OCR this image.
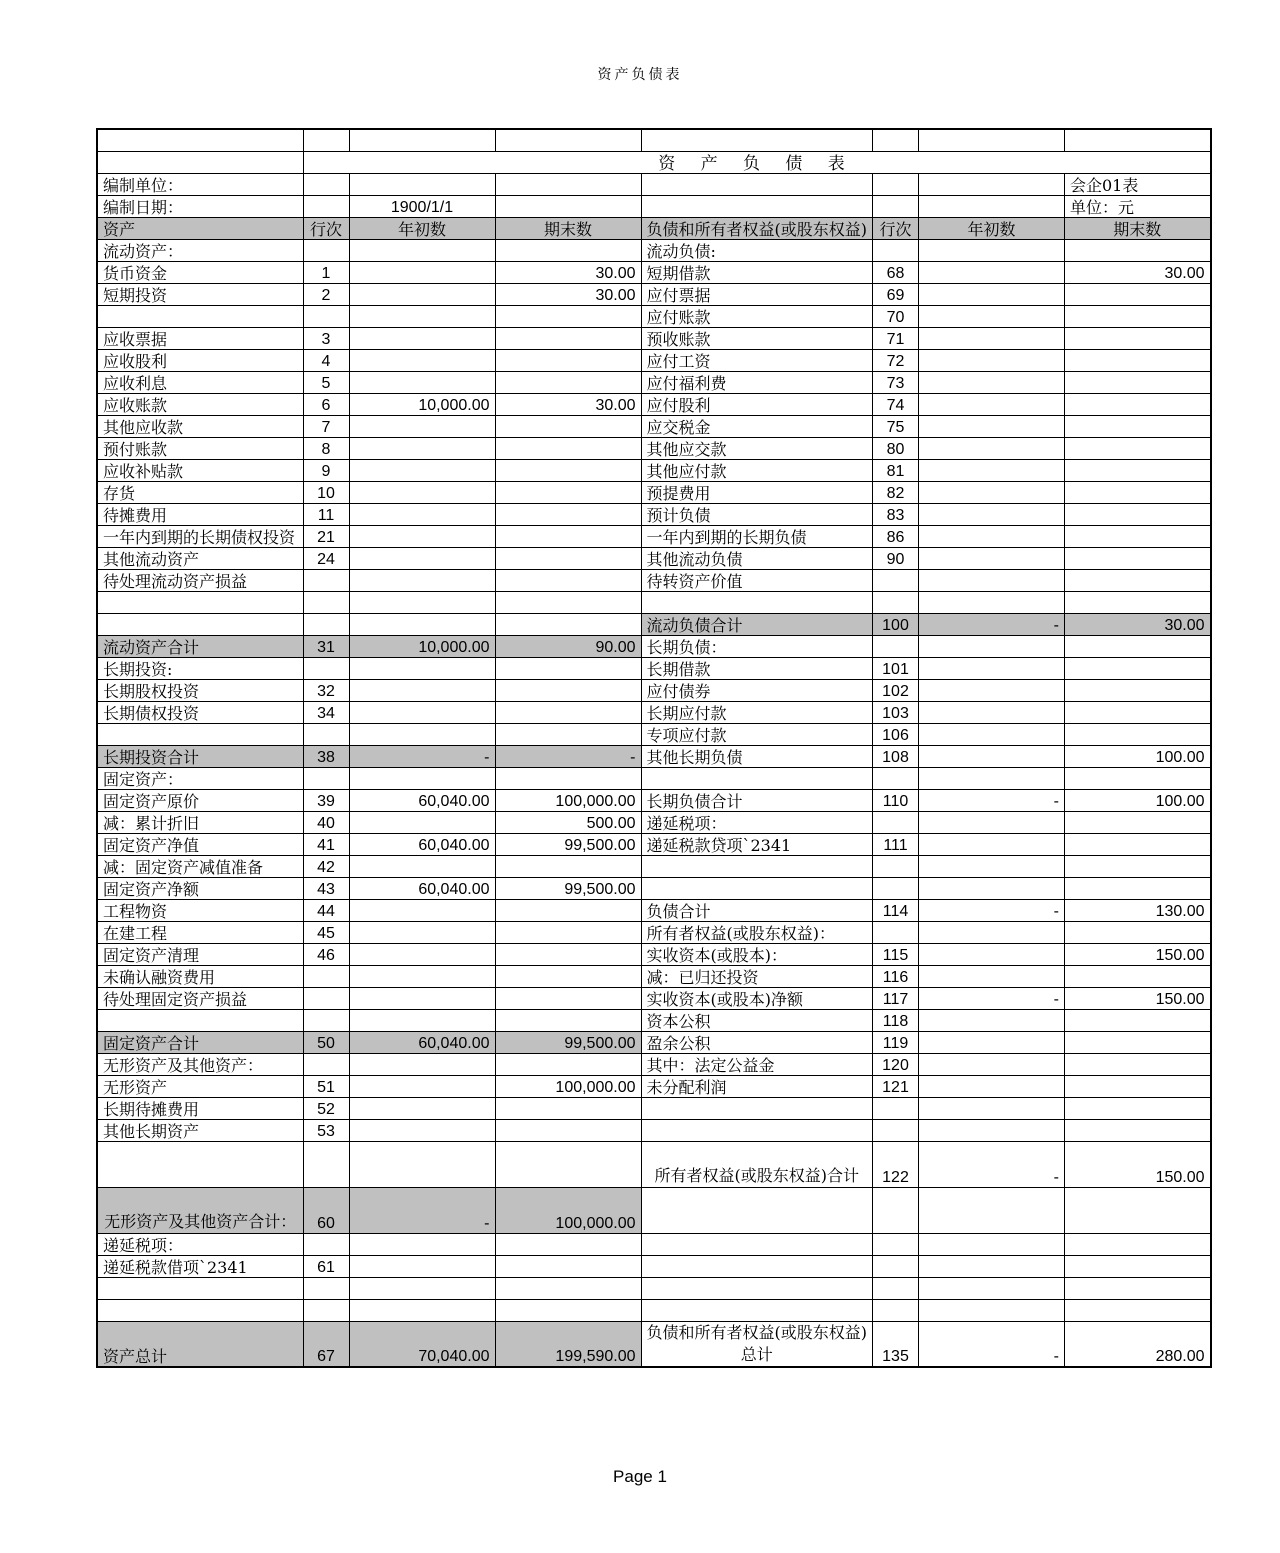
资产负债表

	资 产 负 债 表						
编制单位：							会企01表
编制日期：		1900/1/1					单位：元
资产	行次	年初数	期末数	负债和所有者权益(或股东权益)	行次	年初数	期末数
流动资产：				流动负债:			
货币资金	1		30.00	短期借款	68		30.00
短期投资	2		30.00	应付票据	69		
				应付账款	70		
应收票据	3			预收账款	71		
应收股利	4			应付工资	72		
应收利息	5			应付福利费	73		
应收账款	6	10,000.00	30.00	应付股利	74		
其他应收款	7			应交税金	75		
预付账款	8			其他应交款	80		
应收补贴款	9			其他应付款	81		
存货	10			预提费用	82		
待摊费用	11			预计负债	83		
一年内到期的长期债权投资	21			一年内到期的长期负债	86		
其他流动资产	24			其他流动负债	90		
待处理流动资产损益				待转资产价值			

				流动负债合计	100	-	30.00
流动资产合计	31	10,000.00	90.00	长期负债：			
长期投资:				长期借款	101		
长期股权投资	32			应付债券	102		
长期债权投资	34			长期应付款	103		
				专项应付款	106		
长期投资合计	38	-	-	其他长期负债	108		100.00
固定资产：							
固定资产原价	39	60,040.00	100,000.00	长期负债合计	110	-	100.00
减：累计折旧	40		500.00	递延税项：			
固定资产净值	41	60,040.00	99,500.00	递延税款贷项`2341	111		
减：固定资产减值准备	42						
固定资产净额	43	60,040.00	99,500.00				
工程物资	44			负债合计	114	-	130.00
在建工程	45			所有者权益(或股东权益)：			
固定资产清理	46			实收资本(或股本)：	115		150.00
未确认融资费用				减：已归还投资	116		
待处理固定资产损益				实收资本(或股本)净额	117	-	150.00
				资本公积	118		
固定资产合计	50	60,040.00	99,500.00	盈余公积	119		
无形资产及其他资产：				其中：法定公益金	120		
无形资产	51		100,000.00	未分配利润	121		
长期待摊费用	52						
其他长期资产	53						
				所有者权益(或股东权益)合计	122	-	150.00
无形资产及其他资产合计：	60	-	100,000.00				
递延税项：							
递延税款借项`2341	61						

资产总计	67	70,040.00	199,590.00	负债和所有者权益(或股东权益)总计	135	-	280.00
Page 1
